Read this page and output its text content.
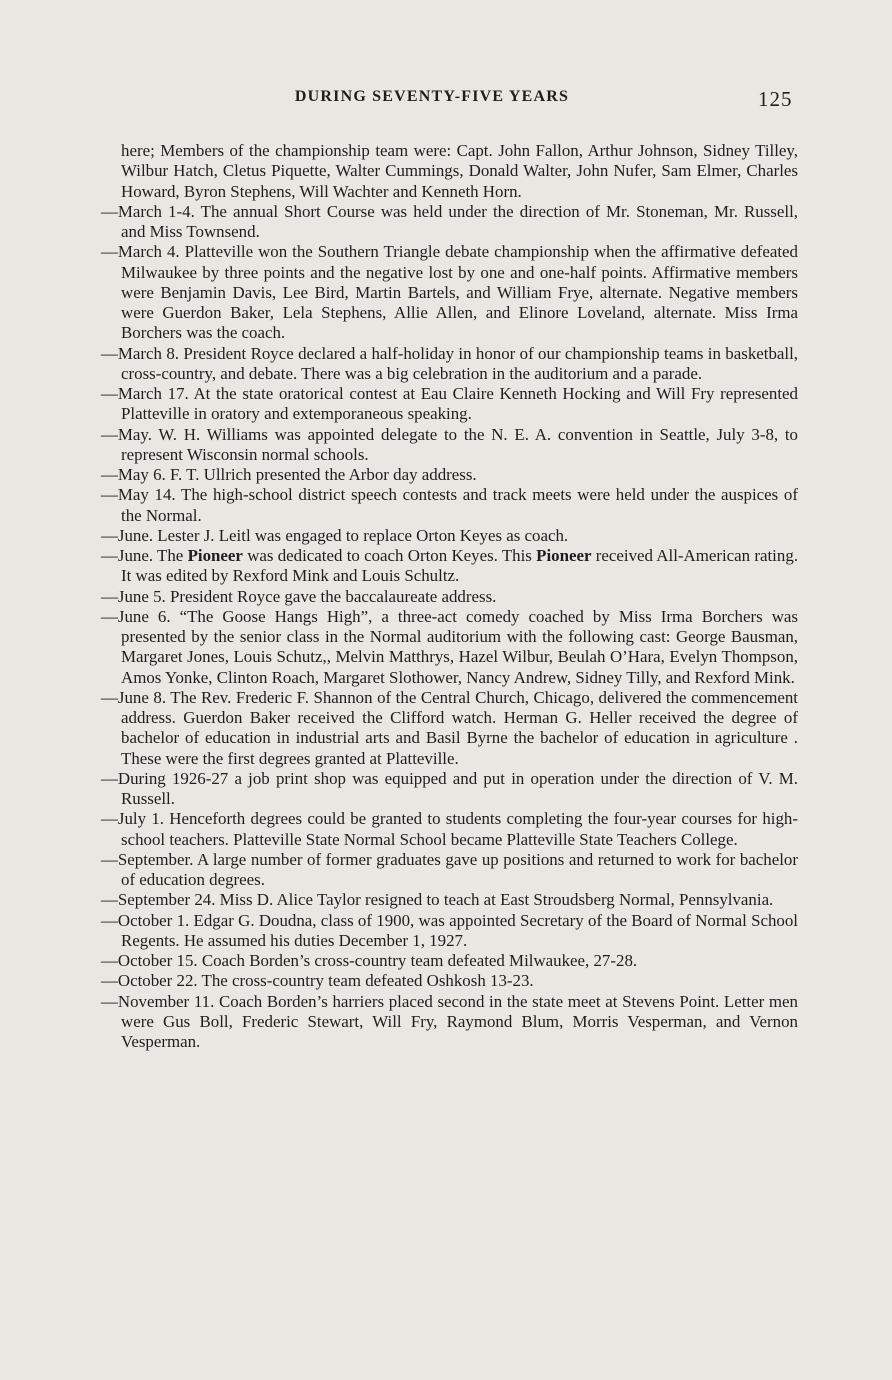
DURING SEVENTY-FIVE YEARS	125

here; Members of the championship team were: Capt. John Fallon, Arthur Johnson, Sidney Tilley, Wilbur Hatch, Cletus Piquette, Walter Cummings, Donald Walter, John Nufer, Sam Elmer, Charles Howard, Byron Stephens, Will Wachter and Kenneth Horn.

—March 1-4. The annual Short Course was held under the direction of Mr. Stoneman, Mr. Russell, and Miss Townsend.

—March 4. Platteville won the Southern Triangle debate championship when the affirmative defeated Milwaukee by three points and the negative lost by one and one-half points. Affirmative members were Benjamin Davis, Lee Bird, Martin Bartels, and William Frye, alternate. Negative members were Guerdon Baker, Lela Stephens, Allie Allen, and Elinore Loveland, alternate. Miss Irma Borchers was the coach.

—March 8. President Royce declared a half-holiday in honor of our championship teams in basketball, cross-country, and debate. There was a big celebration in the auditorium and a parade.

—March 17. At the state oratorical contest at Eau Claire Kenneth Hocking and Will Fry represented Platteville in oratory and extemporaneous speaking.

—May. W. H. Williams was appointed delegate to the N. E. A. convention in Seattle, July 3-8, to represent Wisconsin normal schools.

—May 6. F. T. Ullrich presented the Arbor day address.

—May 14. The high-school district speech contests and track meets were held under the auspices of the Normal.

—June. Lester J. Leitl was engaged to replace Orton Keyes as coach.

—June. The Pioneer was dedicated to coach Orton Keyes. This Pioneer received All-American rating. It was edited by Rexford Mink and Louis Schultz.

—June 5. President Royce gave the baccalaureate address.

—June 6. “The Goose Hangs High”, a three-act comedy coached by Miss Irma Borchers was presented by the senior class in the Normal auditorium with the following cast: George Bausman, Margaret Jones, Louis Schutz,, Melvin Matthrys, Hazel Wilbur, Beulah O’Hara, Evelyn Thompson, Amos Yonke, Clinton Roach, Margaret Slothower, Nancy Andrew, Sidney Tilly, and Rexford Mink.

—June 8. The Rev. Frederic F. Shannon of the Central Church, Chicago, delivered the commencement address. Guerdon Baker received the Clifford watch. Herman G. Heller received the degree of bachelor of education in industrial arts and Basil Byrne the bachelor of education in agriculture . These were the first degrees granted at Platteville.

—During 1926-27 a job print shop was equipped and put in operation under the direction of V. M. Russell.

—July 1. Henceforth degrees could be granted to students completing the four-year courses for high-school teachers. Platteville State Normal School became Platteville State Teachers College.

—September. A large number of former graduates gave up positions and returned to work for bachelor of education degrees.

—September 24. Miss D. Alice Taylor resigned to teach at East Stroudsberg Normal, Pennsylvania.

—October 1. Edgar G. Doudna, class of 1900, was appointed Secretary of the Board of Normal School Regents. He assumed his duties December 1, 1927.

—October 15. Coach Borden’s cross-country team defeated Milwaukee, 27-28.

—October 22. The cross-country team defeated Oshkosh 13-23.

—November 11. Coach Borden’s harriers placed second in the state meet at Stevens Point. Letter men were Gus Boll, Frederic Stewart, Will Fry, Raymond Blum, Morris Vesperman, and Vernon Vesperman.
